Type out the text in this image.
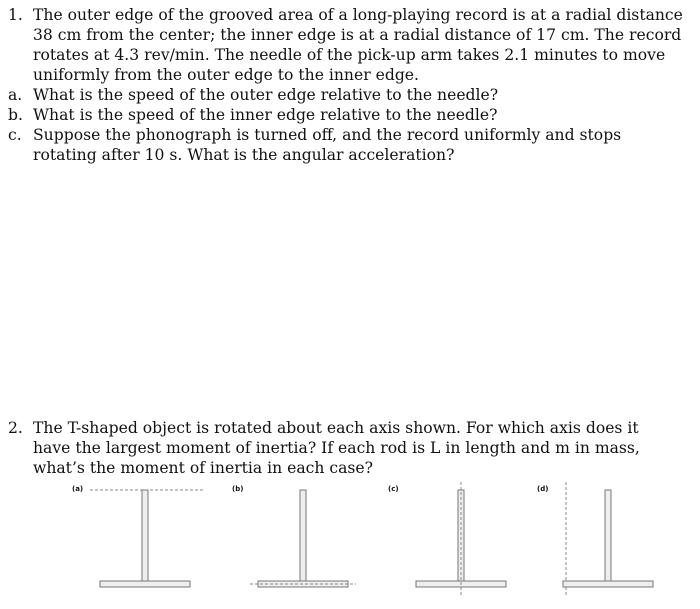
1. The outer edge of the grooved area of a long-playing record is at a radial distance
38 cm from the center; the inner edge is at a radial distance of 17 cm. The record
rotates at 4.3 rev/min. The needle of the pick-up arm takes 2.1 minutes to move
uniformly from the outer edge to the inner edge.
a. What is the speed of the outer edge relative to the needle?
b. What is the speed of the inner edge relative to the needle?
c. Suppose the phonograph is turned off, and the record uniformly and stops
rotating after 10 s. What is the angular acceleration?
2. The T-shaped object is rotated about each axis shown. For which axis does it
have the largest moment of inertia? If each rod is L in length and m in mass,
what’s the moment of inertia in each case?
(a)	(b)	(c)	(d)
